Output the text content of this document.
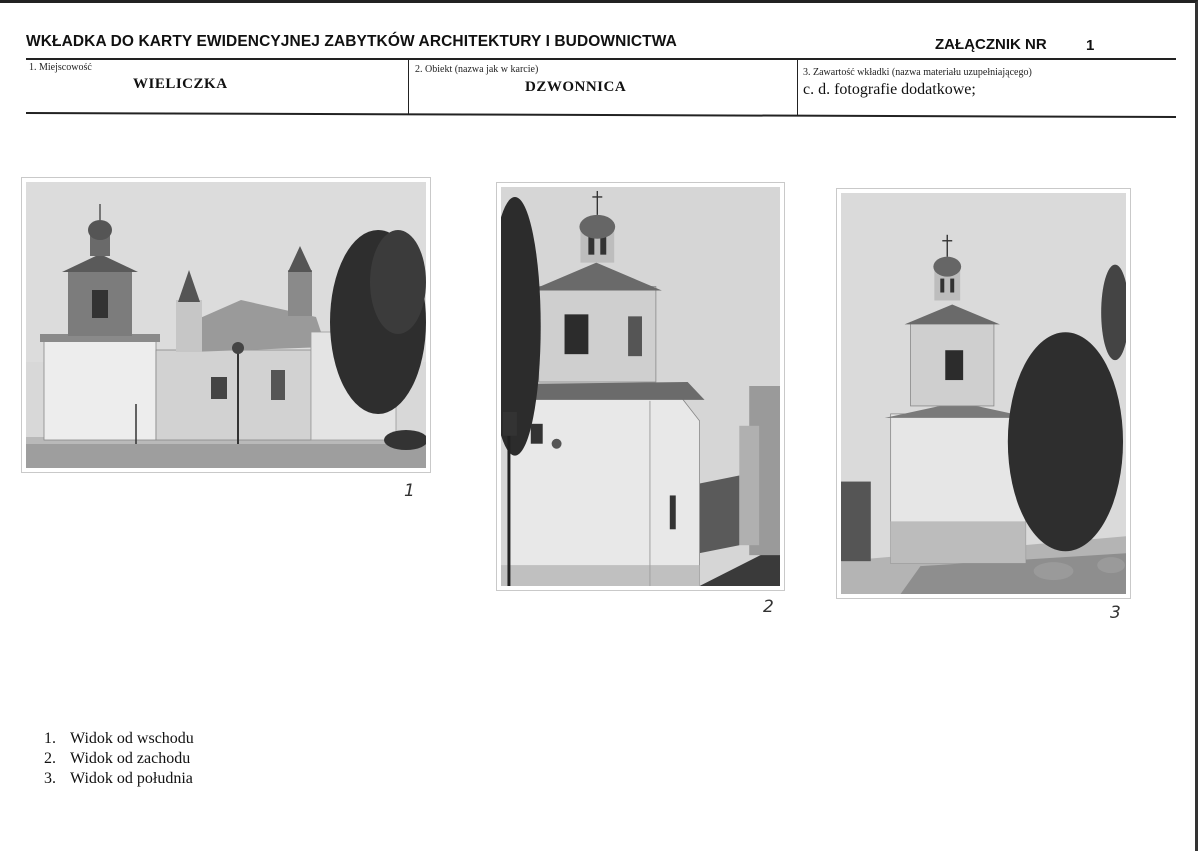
WKŁADKA DO KARTY EWIDENCYJNEJ ZABYTKÓW ARCHITEKTURY I BUDOWNICTWA	ZAŁĄCZNIK NR	1
1. Miejscowość
WIELICZKA
2. Obiekt (nazwa jak w karcie)
DZWONNICA
3. Zawartość wkładki (nazwa materiału uzupełniającego)
c. d. fotografie dodatkowe;
1
2	3
1. Widok od wschodu
2. Widok od zachodu
3. Widok od południa
